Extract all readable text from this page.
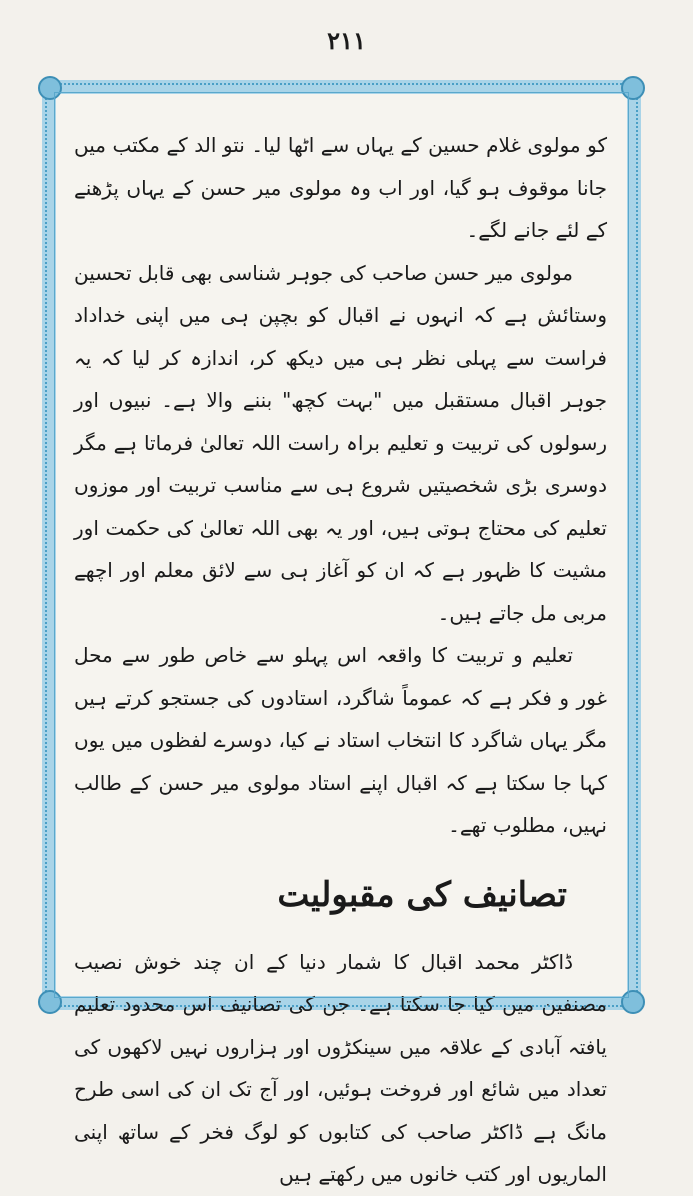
٢١١

کو مولوی غلام حسین کے یہاں سے اٹھا لیا۔ نتو الد کے مکتب میں جانا موقوف ہو گیا، اور اب وہ مولوی میر حسن کے یہاں پڑھنے کے لئے جانے لگے۔

مولوی میر حسن صاحب کی جوہر شناسی بھی قابل تحسین وستائش ہے کہ انہوں نے اقبال کو بچپن ہی میں اپنی خداداد فراست سے پہلی نظر ہی میں دیکھ کر، اندازہ کر لیا کہ یہ جوہر اقبال مستقبل میں "بہت کچھ" بننے والا ہے۔ نبیوں اور رسولوں کی تربیت و تعلیم براہ راست اللہ تعالیٰ فرماتا ہے مگر دوسری بڑی شخصیتیں شروع ہی سے مناسب تربیت اور موزوں تعلیم کی محتاج ہوتی ہیں، اور یہ بھی اللہ تعالیٰ کی حکمت اور مشیت کا ظہور ہے کہ ان کو آغاز ہی سے لائق معلم اور اچھے مربی مل جاتے ہیں۔

تعلیم و تربیت کا واقعہ اس پہلو سے خاص طور سے محل غور و فکر ہے کہ عموماً شاگرد، استادوں کی جستجو کرتے ہیں مگر یہاں شاگرد کا انتخاب استاد نے کیا، دوسرے لفظوں میں یوں کہا جا سکتا ہے کہ اقبال اپنے استاد مولوی میر حسن کے طالب نہیں، مطلوب تھے۔

تصانیف کی مقبولیت

ڈاکٹر محمد اقبال کا شمار دنیا کے ان چند خوش نصیب مصنفین میں کیا جا سکتا ہے۔ جن کی تصانیف اس محدود تعلیم یافتہ آبادی کے علاقہ میں سینکڑوں اور ہزاروں نہیں لاکھوں کی تعداد میں شائع اور فروخت ہوئیں، اور آج تک ان کی اسی طرح مانگ ہے ڈاکٹر صاحب کی کتابوں کو لوگ فخر کے ساتھ اپنی الماریوں اور کتب خانوں میں رکھتے ہیں
